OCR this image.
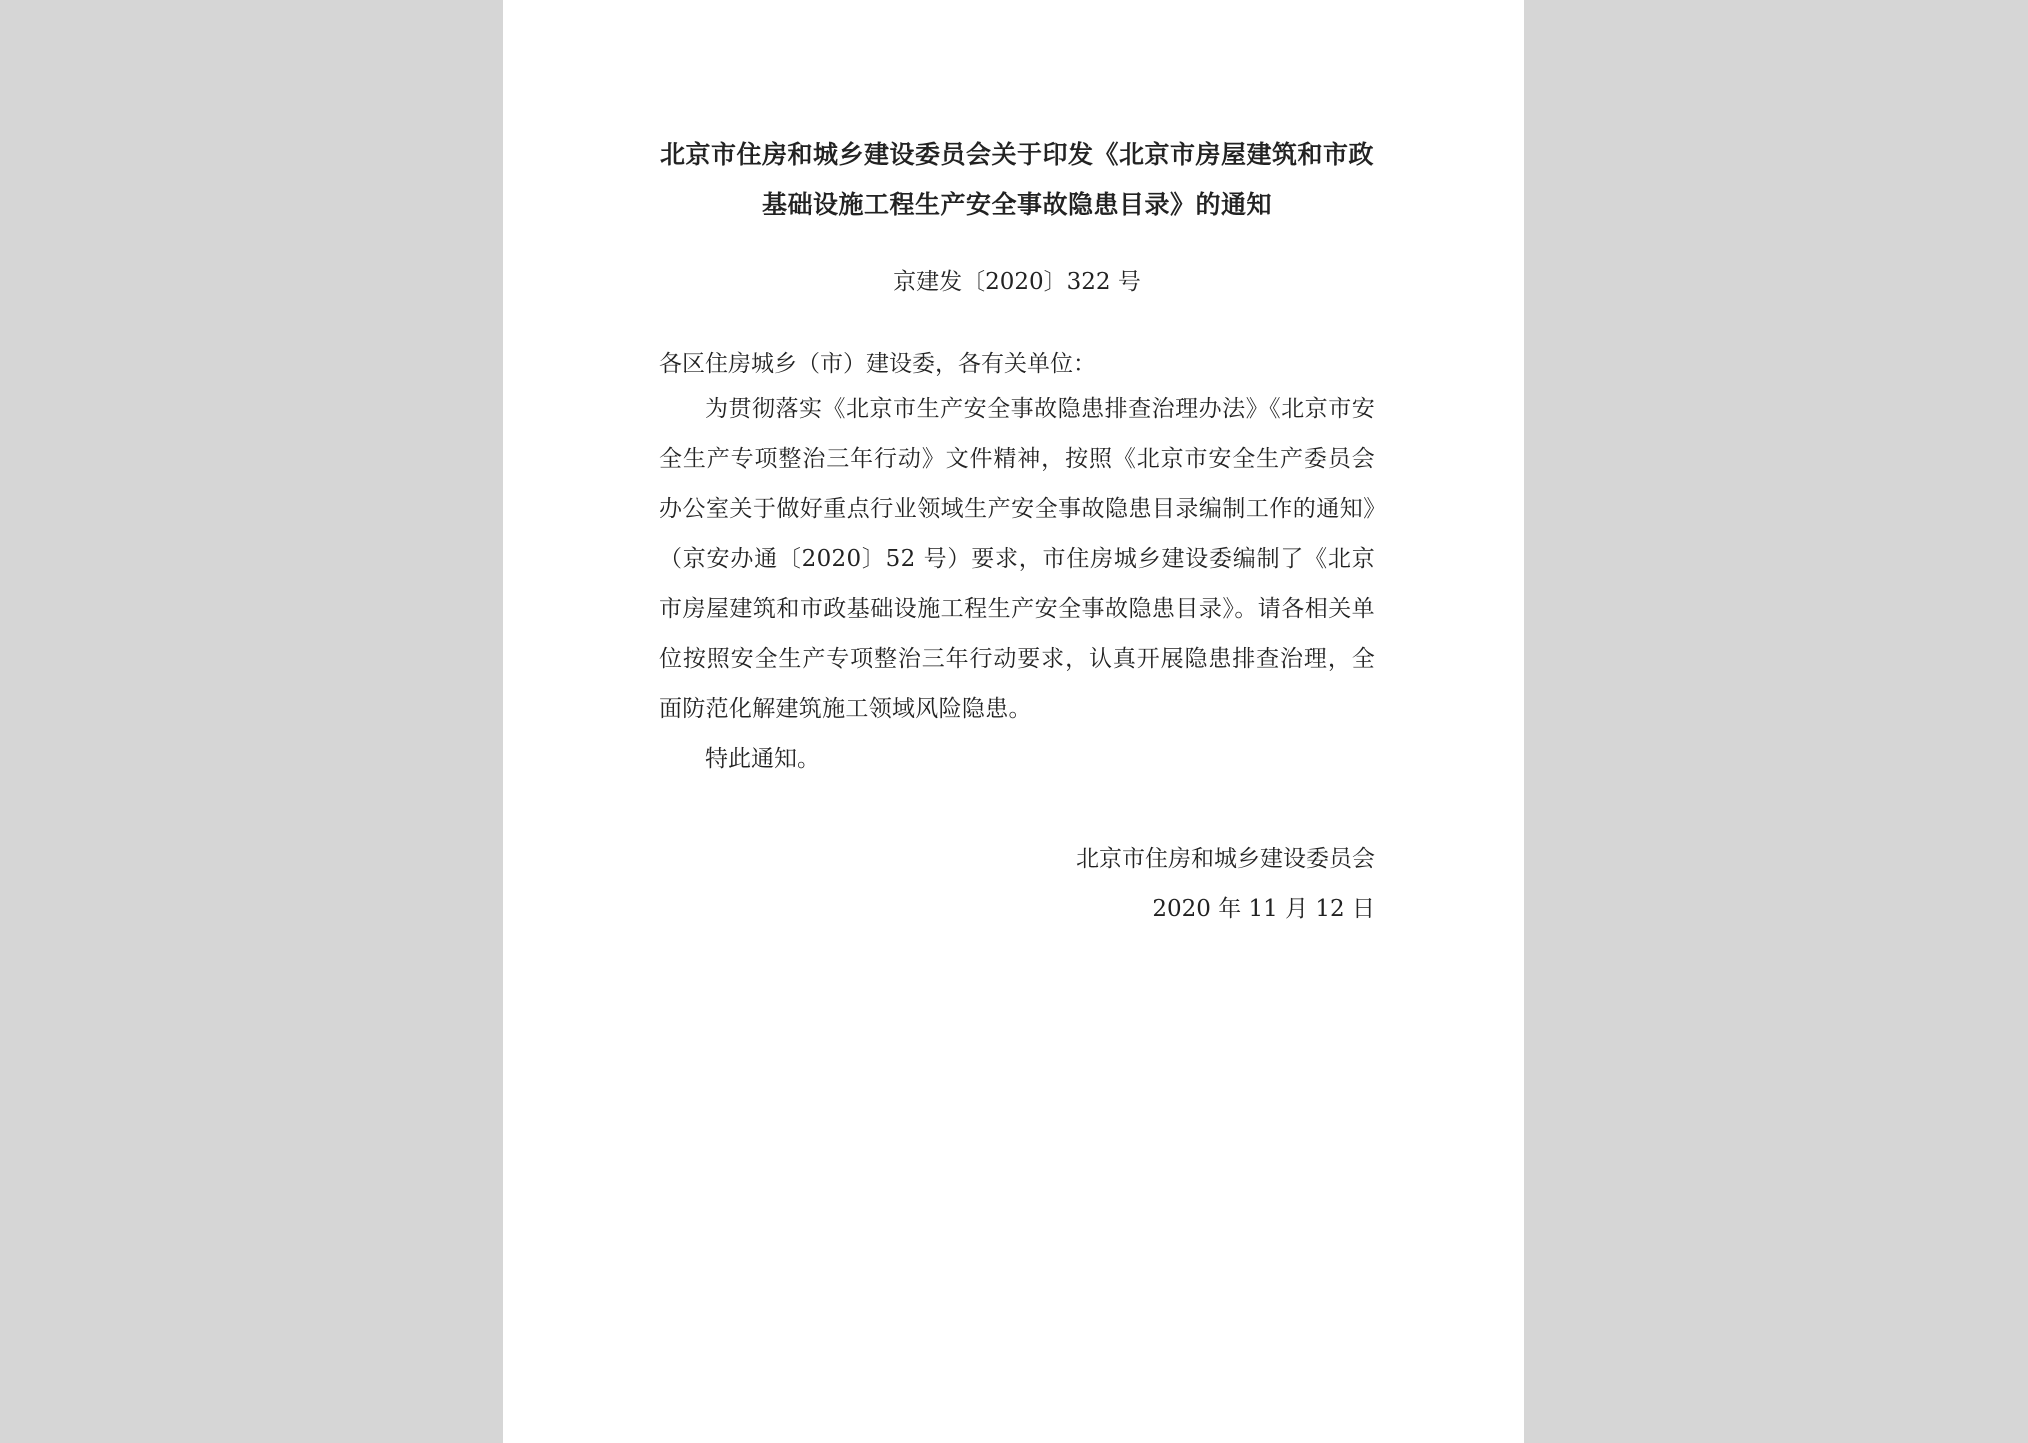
北京市住房和城乡建设委员会关于印发《北京市房屋建筑和市政
基础设施工程生产安全事故隐患目录》的通知
京建发〔2020〕322 号
各区住房城乡（市）建设委，各有关单位：

为贯彻落实《北京市生产安全事故隐患排查治理办法》《北京市安全生产专项整治三年行动》文件精神，按照《北京市安全生产委员会办公室关于做好重点行业领域生产安全事故隐患目录编制工作的通知》（京安办通〔2020〕52 号）要求，市住房城乡建设委编制了《北京市房屋建筑和市政基础设施工程生产安全事故隐患目录》。请各相关单位按照安全生产专项整治三年行动要求，认真开展隐患排查治理，全面防范化解建筑施工领域风险隐患。

特此通知。

北京市住房和城乡建设委员会
2020 年 11 月 12 日
